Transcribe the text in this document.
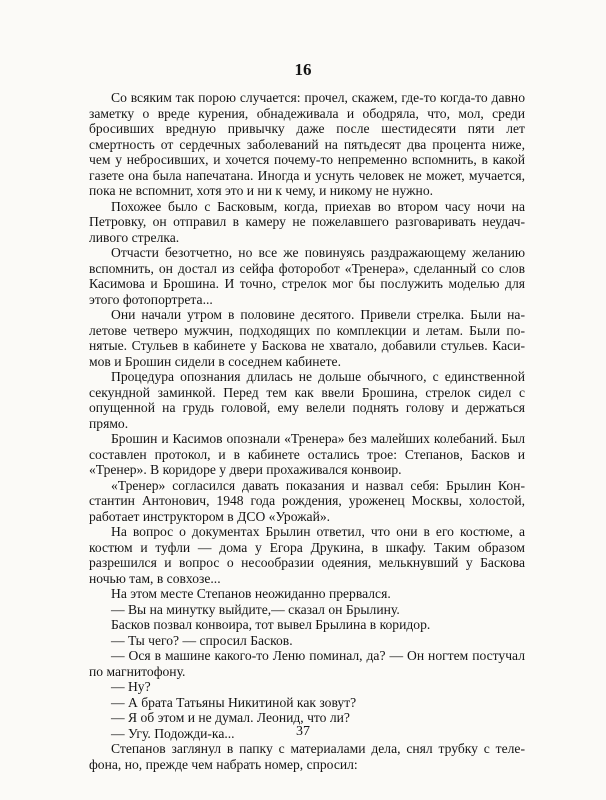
16

Со всяким так порою случается: прочел, скажем, где-то когда-то давно заметку о вреде курения, обнадеживала и ободряла, что, мол, среди бросивших вредную привычку даже после шестидесяти пяти лет смертность от сердечных заболеваний на пятьдесят два процента ниже, чем у небросивших, и хочется почему-то непременно вспомнить, в какой газете она была напечатана. Иногда и уснуть человек не может, мучается, пока не вспомнит, хотя это и ни к чему, и никому не нужно.

Похожее было с Басковым, когда, приехав во втором часу ночи на Петровку, он отправил в камеру не пожелавшего разговаривать неудачливого стрелка.

Отчасти безотчетно, но все же повинуясь раздражающему желанию вспомнить, он достал из сейфа фоторобот «Тренера», сделанный со слов Касимова и Брошина. И точно, стрелок мог бы послужить моделью для этого фотопортрета...

Они начали утром в половине десятого. Привели стрелка. Были налетове четверо мужчин, подходящих по комплекции и летам. Были понятые. Стульев в кабинете у Баскова не хватало, добавили стульев. Касимов и Брошин сидели в соседнем кабинете.

Процедура опознания длилась не дольше обычного, с единственной секундной заминкой. Перед тем как ввели Брошина, стрелок сидел с опущенной на грудь головой, ему велели поднять голову и держаться прямо.

Брошин и Касимов опознали «Тренера» без малейших колебаний. Был составлен протокол, и в кабинете остались трое: Степанов, Басков и «Тренер». В коридоре у двери прохаживался конвоир.

«Тренер» согласился давать показания и назвал себя: Брылин Константин Антонович, 1948 года рождения, уроженец Москвы, холостой, работает инструктором в ДСО «Урожай».

На вопрос о документах Брылин ответил, что они в его костюме, а костюм и туфли — дома у Егора Друкина, в шкафу. Таким образом разрешился и вопрос о несообразии одеяния, мелькнувший у Баскова ночью там, в совхозе...

На этом месте Степанов неожиданно прервался.

— Вы на минутку выйдите,— сказал он Брылину.

Басков позвал конвоира, тот вывел Брылина в коридор.

— Ты чего? — спросил Басков.

— Ося в машине какого-то Леню поминал, да? — Он ногтем постучал по магнитофону.

— Ну?

— А брата Татьяны Никитиной как зовут?

— Я об этом и не думал. Леонид, что ли?

— Угу. Подожди-ка...

Степанов заглянул в папку с материалами дела, снял трубку с телефона, но, прежде чем набрать номер, спросил:

37
